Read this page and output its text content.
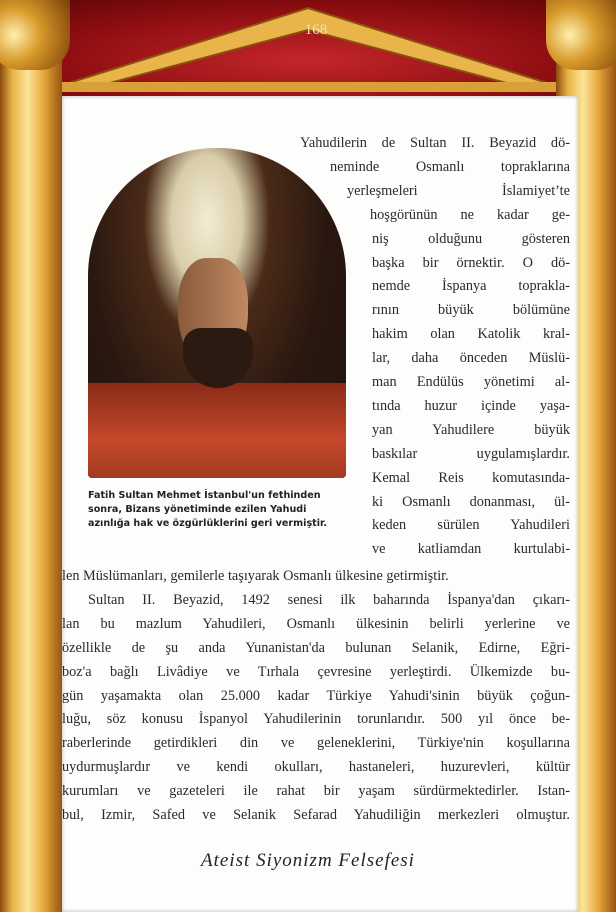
168
Fatih Sultan Mehmet İstanbul'un fethinden sonra, Bizans yönetiminde ezilen Yahudi azınlığa hak ve özgürlüklerini geri vermiştir.
Yahudilerin de Sultan II. Beyazid dö-
neminde Osmanlı topraklarına
yerleşmeleri İslamiyet’te
hoşgörünün ne kadar ge-
niş olduğunu gösteren
başka bir örnektir. O dö-
nemde İspanya toprakla-
rının büyük bölümüne
hakim olan Katolik kral-
lar, daha önceden Müslü-
man Endülüs yönetimi al-
tında huzur içinde yaşa-
yan Yahudilere büyük
baskılar uygulamışlardır.
Kemal Reis komutasında-
ki Osmanlı donanması, ül-
keden sürülen Yahudileri
ve katliamdan kurtulabi-
len Müslümanları, gemilerle taşıyarak Osmanlı ülkesine getirmiştir.
Sultan II. Beyazid, 1492 senesi ilk baharında İspanya'dan çıkarı-
lan bu mazlum Yahudileri, Osmanlı ülkesinin belirli yerlerine ve
özellikle de şu anda Yunanistan'da bulunan Selanik, Edirne, Eğri-
boz'a bağlı Livâdiye ve Tırhala çevresine yerleştirdi. Ülkemizde bu-
gün yaşamakta olan 25.000 kadar Türkiye Yahudi'sinin büyük çoğun-
luğu, söz konusu İspanyol Yahudilerinin torunlarıdır. 500 yıl önce be-
raberlerinde getirdikleri din ve geleneklerini, Türkiye'nin koşullarına
uydurmuşlardır ve kendi okulları, hastaneleri, huzurevleri, kültür
kurumları ve gazeteleri ile rahat bir yaşam sürdürmektedirler. Istan-
bul, Izmir, Safed ve Selanik Sefarad Yahudiliğin merkezleri olmuştur.
Ateist Siyonizm Felsefesi
